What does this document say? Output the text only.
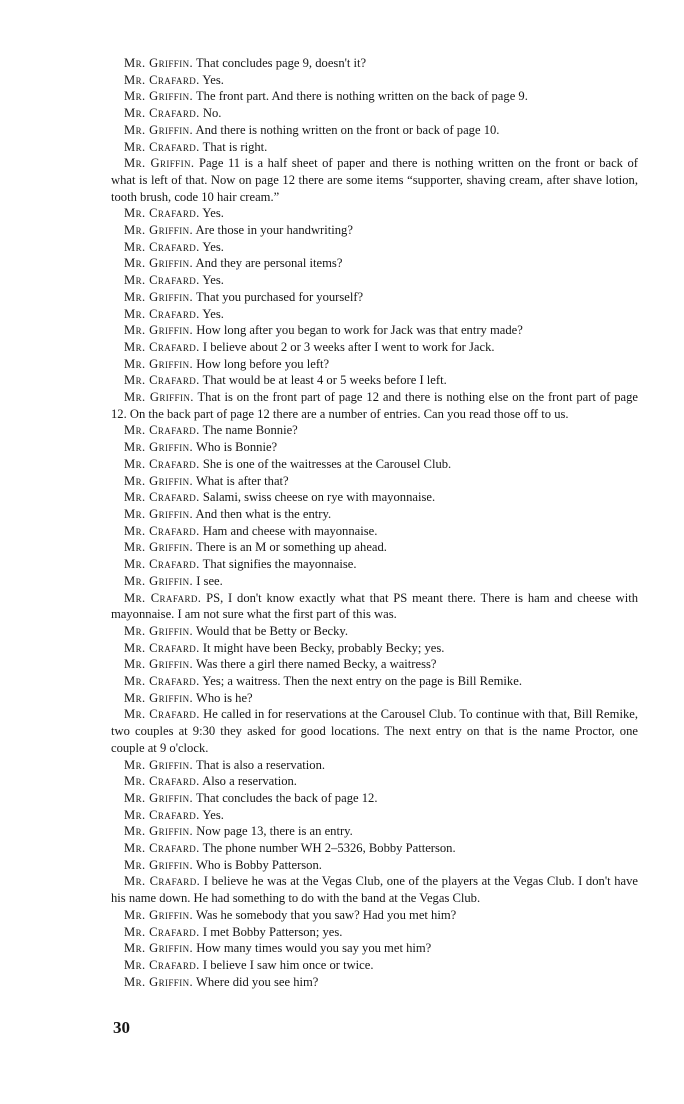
Mr. Griffin. That concludes page 9, doesn't it?

Mr. Crafard. Yes.

Mr. Griffin. The front part. And there is nothing written on the back of page 9.

Mr. Crafard. No.

Mr. Griffin. And there is nothing written on the front or back of page 10.

Mr. Crafard. That is right.

Mr. Griffin. Page 11 is a half sheet of paper and there is nothing written on the front or back of what is left of that. Now on page 12 there are some items “supporter, shaving cream, after shave lotion, tooth brush, code 10 hair cream.”

Mr. Crafard. Yes.

Mr. Griffin. Are those in your handwriting?

Mr. Crafard. Yes.

Mr. Griffin. And they are personal items?

Mr. Crafard. Yes.

Mr. Griffin. That you purchased for yourself?

Mr. Crafard. Yes.

Mr. Griffin. How long after you began to work for Jack was that entry made?

Mr. Crafard. I believe about 2 or 3 weeks after I went to work for Jack.

Mr. Griffin. How long before you left?

Mr. Crafard. That would be at least 4 or 5 weeks before I left.

Mr. Griffin. That is on the front part of page 12 and there is nothing else on the front part of page 12. On the back part of page 12 there are a number of entries. Can you read those off to us.

Mr. Crafard. The name Bonnie?

Mr. Griffin. Who is Bonnie?

Mr. Crafard. She is one of the waitresses at the Carousel Club.

Mr. Griffin. What is after that?

Mr. Crafard. Salami, swiss cheese on rye with mayonnaise.

Mr. Griffin. And then what is the entry.

Mr. Crafard. Ham and cheese with mayonnaise.

Mr. Griffin. There is an M or something up ahead.

Mr. Crafard. That signifies the mayonnaise.

Mr. Griffin. I see.

Mr. Crafard. PS, I don't know exactly what that PS meant there. There is ham and cheese with mayonnaise. I am not sure what the first part of this was.

Mr. Griffin. Would that be Betty or Becky.

Mr. Crafard. It might have been Becky, probably Becky; yes.

Mr. Griffin. Was there a girl there named Becky, a waitress?

Mr. Crafard. Yes; a waitress. Then the next entry on the page is Bill Remike.

Mr. Griffin. Who is he?

Mr. Crafard. He called in for reservations at the Carousel Club. To continue with that, Bill Remike, two couples at 9:30 they asked for good locations. The next entry on that is the name Proctor, one couple at 9 o'clock.

Mr. Griffin. That is also a reservation.

Mr. Crafard. Also a reservation.

Mr. Griffin. That concludes the back of page 12.

Mr. Crafard. Yes.

Mr. Griffin. Now page 13, there is an entry.

Mr. Crafard. The phone number WH 2–5326, Bobby Patterson.

Mr. Griffin. Who is Bobby Patterson.

Mr. Crafard. I believe he was at the Vegas Club, one of the players at the Vegas Club. I don't have his name down. He had something to do with the band at the Vegas Club.

Mr. Griffin. Was he somebody that you saw? Had you met him?

Mr. Crafard. I met Bobby Patterson; yes.

Mr. Griffin. How many times would you say you met him?

Mr. Crafard. I believe I saw him once or twice.

Mr. Griffin. Where did you see him?

30
